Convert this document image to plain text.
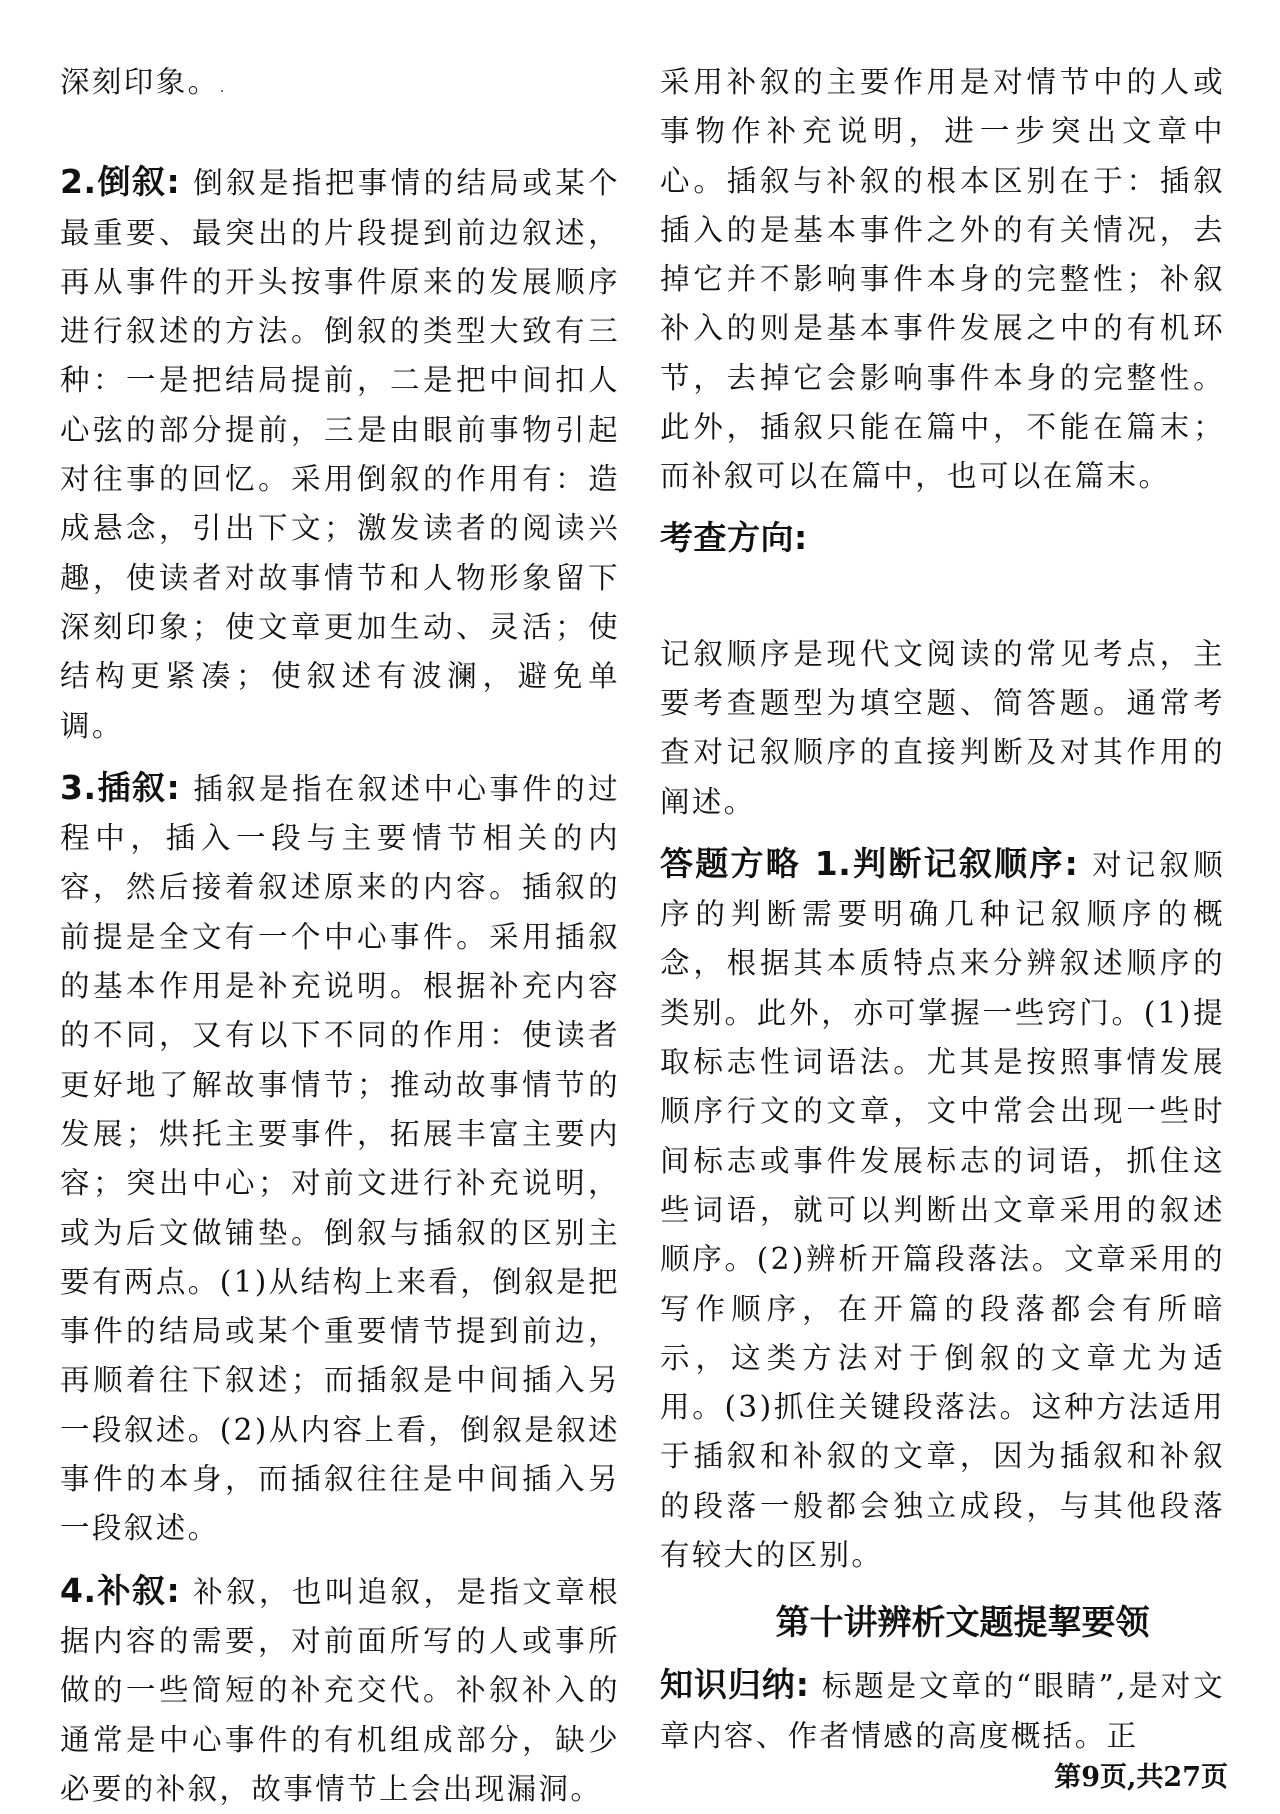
深刻印象。.

2.倒叙: 倒叙是指把事情的结局或某个最重要、最突出的片段提到前边叙述，再从事件的开头按事件原来的发展顺序进行叙述的方法。倒叙的类型大致有三种：一是把结局提前，二是把中间扣人心弦的部分提前，三是由眼前事物引起对往事的回忆。采用倒叙的作用有：造成悬念，引出下文；激发读者的阅读兴趣，使读者对故事情节和人物形象留下深刻印象；使文章更加生动、灵活；使结构更紧凑；使叙述有波澜，避免单调。

3.插叙: 插叙是指在叙述中心事件的过程中，插入一段与主要情节相关的内容，然后接着叙述原来的内容。插叙的前提是全文有一个中心事件。采用插叙的基本作用是补充说明。根据补充内容的不同，又有以下不同的作用：使读者更好地了解故事情节；推动故事情节的发展；烘托主要事件，拓展丰富主要内容；突出中心；对前文进行补充说明，或为后文做铺垫。倒叙与插叙的区别主要有两点。(1)从结构上来看，倒叙是把事件的结局或某个重要情节提到前边，再顺着往下叙述；而插叙是中间插入另一段叙述。(2)从内容上看，倒叙是叙述事件的本身，而插叙往往是中间插入另一段叙述。

4.补叙: 补叙，也叫追叙，是指文章根据内容的需要，对前面所写的人或事所做的一些简短的补充交代。补叙补入的通常是中心事件的有机组成部分，缺少必要的补叙，故事情节上会出现漏洞。

采用补叙的主要作用是对情节中的人或事物作补充说明，进一步突出文章中心。插叙与补叙的根本区别在于：插叙插入的是基本事件之外的有关情况，去掉它并不影响事件本身的完整性；补叙补入的则是基本事件发展之中的有机环节，去掉它会影响事件本身的完整性。此外，插叙只能在篇中，不能在篇末；而补叙可以在篇中，也可以在篇末。

考查方向:

记叙顺序是现代文阅读的常见考点，主要考查题型为填空题、简答题。通常考查对记叙顺序的直接判断及对其作用的阐述。

答题方略 1.判断记叙顺序: 对记叙顺序的判断需要明确几种记叙顺序的概念，根据其本质特点来分辨叙述顺序的类别。此外，亦可掌握一些窍门。(1)提取标志性词语法。尤其是按照事情发展顺序行文的文章，文中常会出现一些时间标志或事件发展标志的词语，抓住这些词语，就可以判断出文章采用的叙述顺序。(2)辨析开篇段落法。文章采用的写作顺序，在开篇的段落都会有所暗示，这类方法对于倒叙的文章尤为适用。(3)抓住关键段落法。这种方法适用于插叙和补叙的文章，因为插叙和补叙的段落一般都会独立成段，与其他段落有较大的区别。

第十讲辨析文题提挈要领

知识归纳: 标题是文章的“眼睛”,是对文章内容、作者情感的高度概括。正

第9页,共27页
